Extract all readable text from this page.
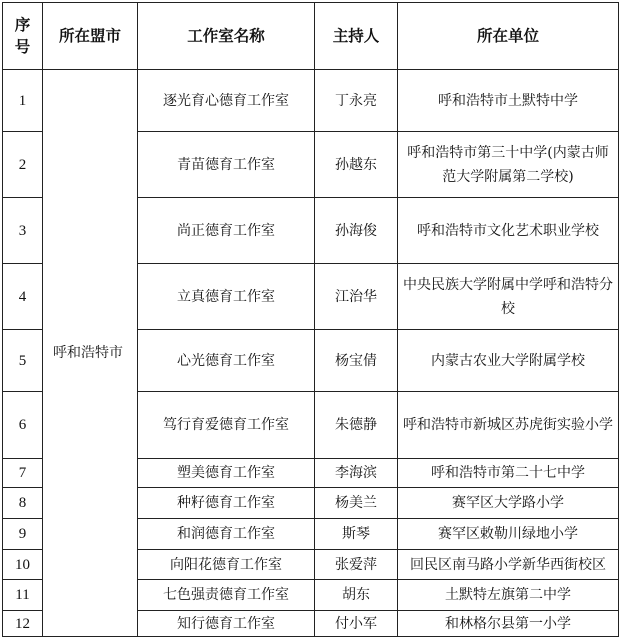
序
号	所在盟市	工作室名称	主持人	所在单位
1	呼和浩特市	逐光育心德育工作室	丁永亮	呼和浩特市土默特中学
2		青苗德育工作室	孙越东	呼和浩特市第三十中学(内蒙古师范大学附属第二学校)
3		尚正德育工作室	孙海俊	呼和浩特市文化艺术职业学校
4		立真德育工作室	江治华	中央民族大学附属中学呼和浩特分校
5		心光德育工作室	杨宝倩	内蒙古农业大学附属学校
6		笃行育爱德育工作室	朱德静	呼和浩特市新城区苏虎街实验小学
7		塑美德育工作室	李海滨	呼和浩特市第二十七中学
8		种籽德育工作室	杨美兰	赛罕区大学路小学
9		和润德育工作室	斯琴	赛罕区敕勒川绿地小学
10		向阳花德育工作室	张爱萍	回民区南马路小学新华西街校区
11		七色强责德育工作室	胡东	土默特左旗第二中学
12		知行德育工作室	付小军	和林格尔县第一小学
